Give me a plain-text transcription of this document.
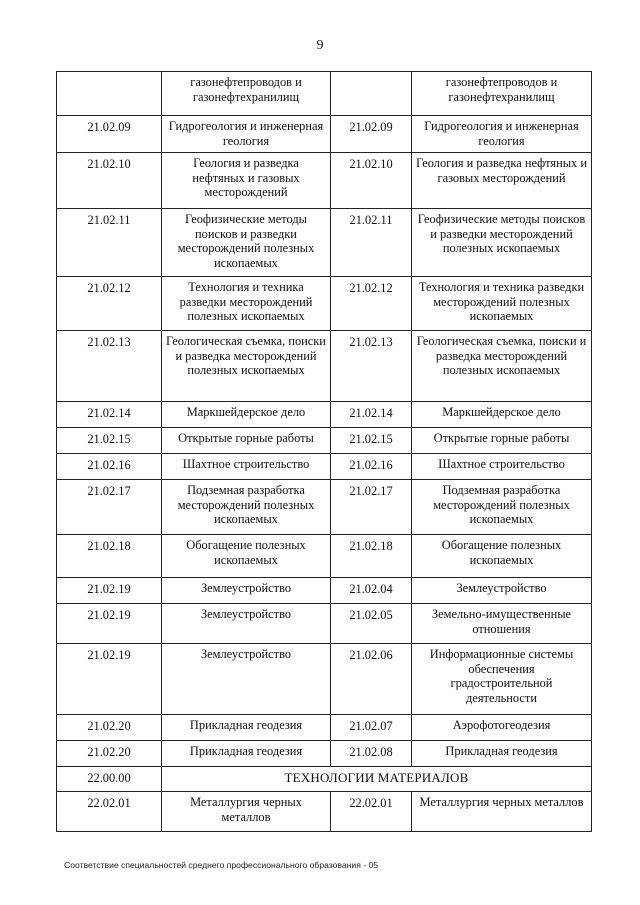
9
	газонефтепроводов и газонефтехранилищ		газонефтепроводов и газонефтехранилищ
21.02.09	Гидрогеология и инженерная геология	21.02.09	Гидрогеология и инженерная геология
21.02.10	Геология и разведка нефтяных и газовых месторождений	21.02.10	Геология и разведка нефтяных и газовых месторождений
21.02.11	Геофизические методы поисков и разведки месторождений полезных ископаемых	21.02.11	Геофизические методы поисков и разведки месторождений полезных ископаемых
21.02.12	Технология и техника разведки месторождений полезных ископаемых	21.02.12	Технология и техника разведки месторождений полезных ископаемых
21.02.13	Геологическая съемка, поиски и разведка месторождений полезных ископаемых	21.02.13	Геологическая съемка, поиски и разведка месторождений полезных ископаемых
21.02.14	Маркшейдерское дело	21.02.14	Маркшейдерское дело
21.02.15	Открытые горные работы	21.02.15	Открытые горные работы
21.02.16	Шахтное строительство	21.02.16	Шахтное строительство
21.02.17	Подземная разработка месторождений полезных ископаемых	21.02.17	Подземная разработка месторождений полезных ископаемых
21.02.18	Обогащение полезных ископаемых	21.02.18	Обогащение полезных ископаемых
21.02.19	Землеустройство	21.02.04	Землеустройство
21.02.19	Землеустройство	21.02.05	Земельно-имущественные отношения
21.02.19	Землеустройство	21.02.06	Информационные системы обеспечения градостроительной деятельности
21.02.20	Прикладная геодезия	21.02.07	Аэрофотогеодезия
21.02.20	Прикладная геодезия	21.02.08	Прикладная геодезия
22.00.00	ТЕХНОЛОГИИ МАТЕРИАЛОВ		
22.02.01	Металлургия черных металлов	22.02.01	Металлургия черных металлов
Соответствие специальностей среднего профессионального образования - 05
